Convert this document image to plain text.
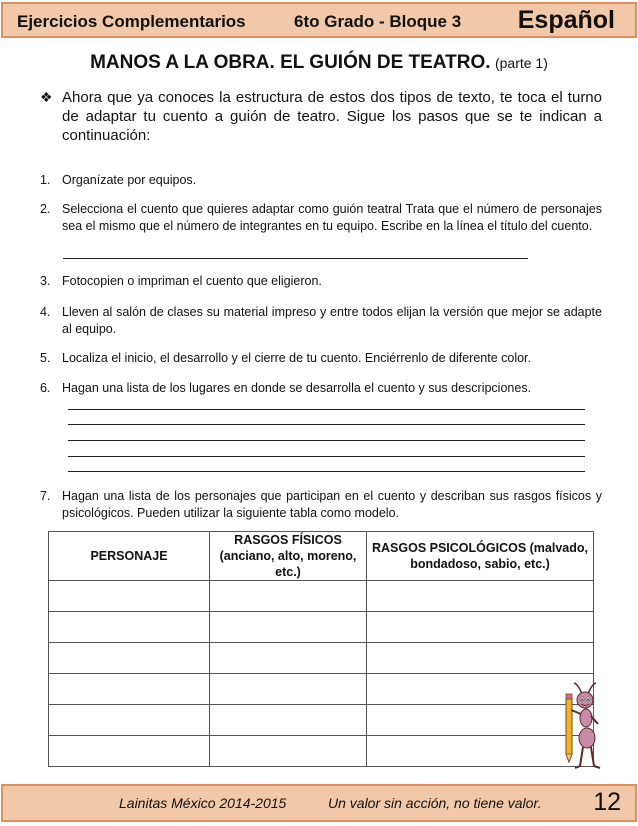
Ejercicios Complementarios	6to Grado - Bloque 3 Español
MANOS A LA OBRA. EL GUIÓN DE TEATRO. (parte 1)
❖ Ahora que ya conoces la estructura de estos dos tipos de texto, te toca el turno de adaptar tu cuento a guión de teatro. Sigue los pasos que se te indican a continuación:
1. Organízate por equipos.
2. Selecciona el cuento que quieres adaptar como guión teatral Trata que el número de personajes sea el mismo que el número de integrantes en tu equipo. Escribe en la línea el título del cuento.
3. Fotocopien o impriman el cuento que eligieron.
4. Lleven al salón de clases su material impreso y entre todos elijan la versión que mejor se adapte al equipo.
5. Localiza el inicio, el desarrollo y el cierre de tu cuento. Enciérrenlo de diferente color.
6. Hagan una lista de los lugares en donde se desarrolla el cuento y sus descripciones.
7. Hagan una lista de los personajes que participan en el cuento y describan sus rasgos físicos y psicológicos. Pueden utilizar la siguiente tabla como modelo.
PERSONAJE	RASGOS FÍSICOS (anciano, alto, moreno, etc.)	RASGOS PSICOLÓGICOS (malvado, bondadoso, sabio, etc.)

Lainitas México 2014-2015	Un valor sin acción, no tiene valor. 12
